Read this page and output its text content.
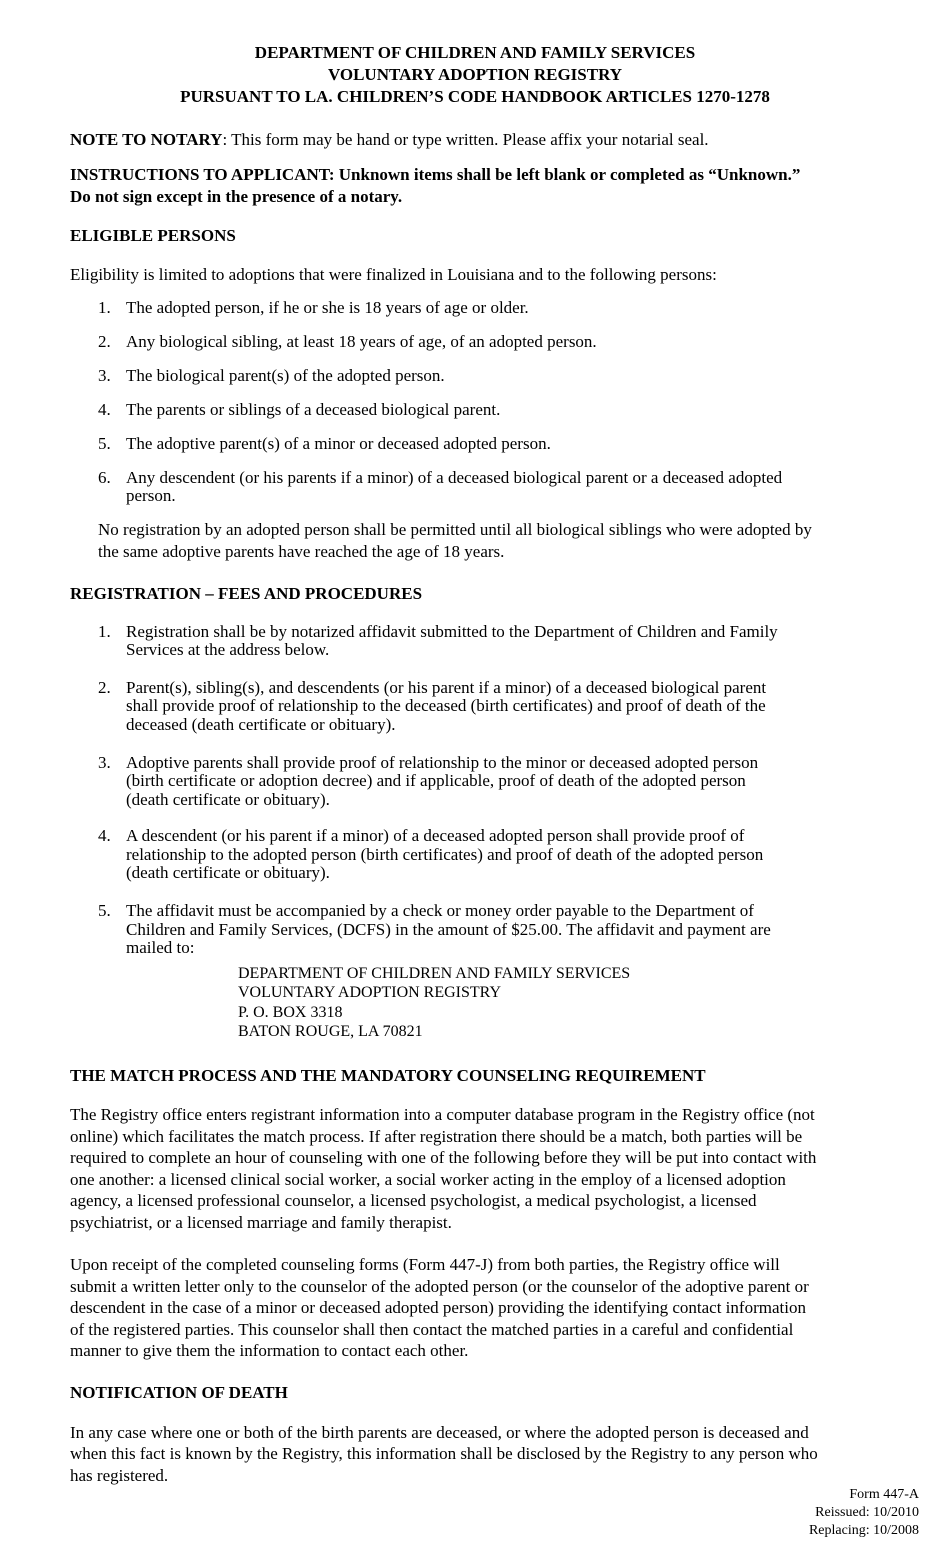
DEPARTMENT OF CHILDREN AND FAMILY SERVICES
VOLUNTARY ADOPTION REGISTRY
PURSUANT TO LA. CHILDREN’S CODE HANDBOOK ARTICLES 1270-1278
NOTE TO NOTARY: This form may be hand or type written. Please affix your notarial seal.
INSTRUCTIONS TO APPLICANT: Unknown items shall be left blank or completed as “Unknown.”
Do not sign except in the presence of a notary.
ELIGIBLE PERSONS
Eligibility is limited to adoptions that were finalized in Louisiana and to the following persons:
1. The adopted person, if he or she is 18 years of age or older.
2. Any biological sibling, at least 18 years of age, of an adopted person.
3. The biological parent(s) of the adopted person.
4. The parents or siblings of a deceased biological parent.
5. The adoptive parent(s) of a minor or deceased adopted person.
6. Any descendent (or his parents if a minor) of a deceased biological parent or a deceased adopted
person.
No registration by an adopted person shall be permitted until all biological siblings who were adopted by
the same adoptive parents have reached the age of 18 years.
REGISTRATION – FEES AND PROCEDURES
1. Registration shall be by notarized affidavit submitted to the Department of Children and Family
Services at the address below.
2. Parent(s), sibling(s), and descendents (or his parent if a minor) of a deceased biological parent
shall provide proof of relationship to the deceased (birth certificates) and proof of death of the
deceased (death certificate or obituary).
3. Adoptive parents shall provide proof of relationship to the minor or deceased adopted person
(birth certificate or adoption decree) and if applicable, proof of death of the adopted person
(death certificate or obituary).
4. A descendent (or his parent if a minor) of a deceased adopted person shall provide proof of
relationship to the adopted person (birth certificates) and proof of death of the adopted person
(death certificate or obituary).
5. The affidavit must be accompanied by a check or money order payable to the Department of
Children and Family Services, (DCFS) in the amount of $25.00. The affidavit and payment are
mailed to:
DEPARTMENT OF CHILDREN AND FAMILY SERVICES
VOLUNTARY ADOPTION REGISTRY
P. O. BOX 3318
BATON ROUGE, LA 70821
THE MATCH PROCESS AND THE MANDATORY COUNSELING REQUIREMENT
The Registry office enters registrant information into a computer database program in the Registry office (not
online) which facilitates the match process. If after registration there should be a match, both parties will be
required to complete an hour of counseling with one of the following before they will be put into contact with
one another: a licensed clinical social worker, a social worker acting in the employ of a licensed adoption
agency, a licensed professional counselor, a licensed psychologist, a medical psychologist, a licensed
psychiatrist, or a licensed marriage and family therapist.
Upon receipt of the completed counseling forms (Form 447-J) from both parties, the Registry office will
submit a written letter only to the counselor of the adopted person (or the counselor of the adoptive parent or
descendent in the case of a minor or deceased adopted person) providing the identifying contact information
of the registered parties. This counselor shall then contact the matched parties in a careful and confidential
manner to give them the information to contact each other.
NOTIFICATION OF DEATH
In any case where one or both of the birth parents are deceased, or where the adopted person is deceased and
when this fact is known by the Registry, this information shall be disclosed by the Registry to any person who
has registered.
Form 447-A
Reissued: 10/2010
Replacing: 10/2008
